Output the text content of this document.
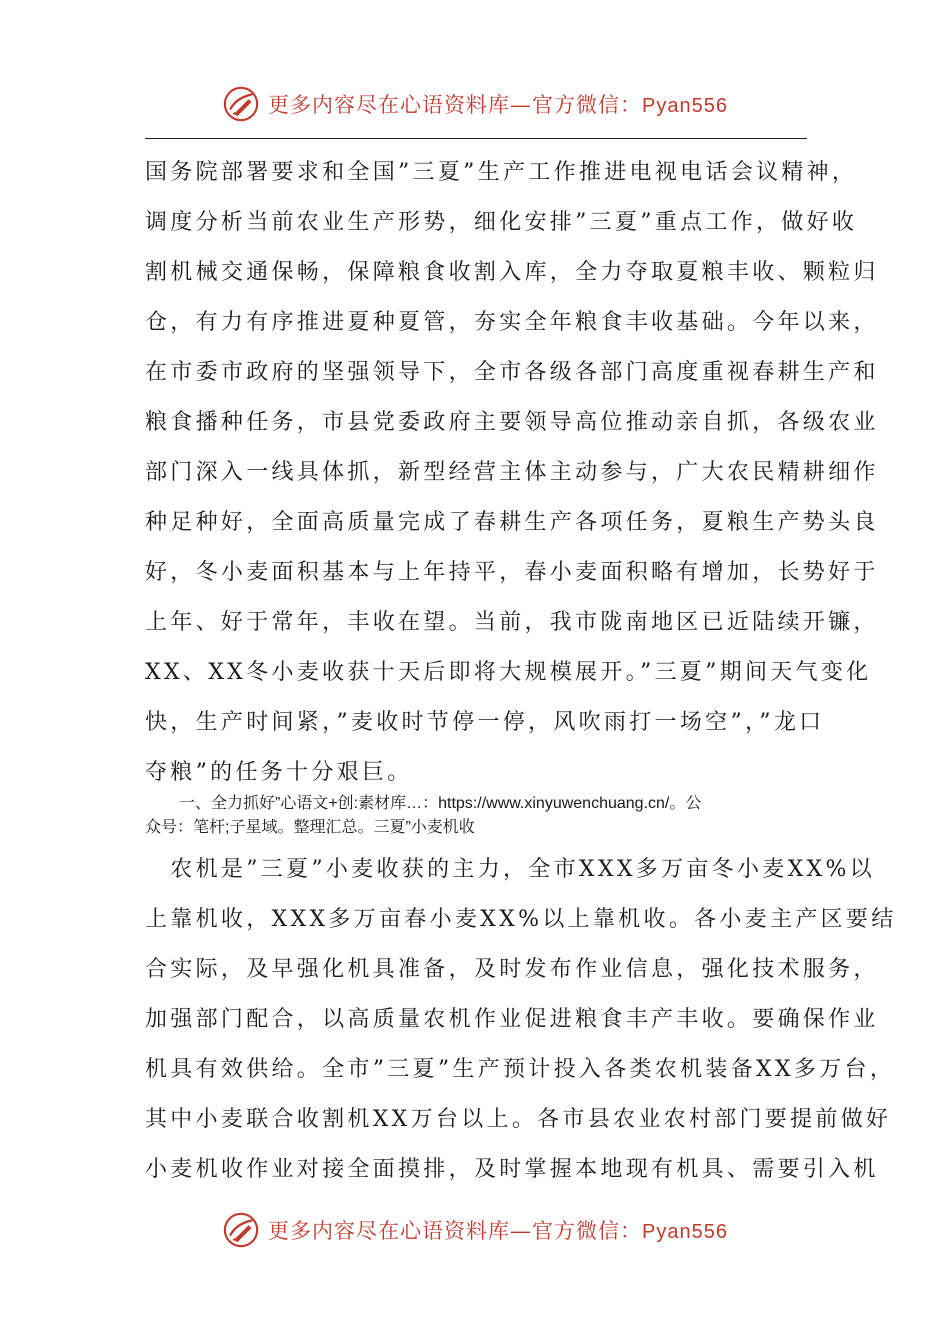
更多内容尽在心语资料库—官方微信：Pyan556
国务院部署要求和全国”三夏”生产工作推进电视电话会议精神，
调度分析当前农业生产形势，细化安排”三夏”重点工作，做好收
割机械交通保畅，保障粮食收割入库，全力夺取夏粮丰收、颗粒归
仓，有力有序推进夏种夏管，夯实全年粮食丰收基础。今年以来，
在市委市政府的坚强领导下，全市各级各部门高度重视春耕生产和
粮食播种任务，市县党委政府主要领导高位推动亲自抓，各级农业
部门深入一线具体抓，新型经营主体主动参与，广大农民精耕细作
种足种好，全面高质量完成了春耕生产各项任务，夏粮生产势头良
好，冬小麦面积基本与上年持平，春小麦面积略有增加，长势好于
上年、好于常年，丰收在望。当前，我市陇南地区已近陆续开镰，
XX、XX冬小麦收获十天后即将大规模展开。”三夏”期间天气变化
快，生产时间紧，”麦收时节停一停，风吹雨打一场空”，”龙口
夺粮”的任务十分艰巨。
一、全力抓好”心语文+创:素材库…：https://www.xinyuwenchuang.cn/。公
众号：笔杆;子星域。整理汇总。三夏”小麦机收
　农机是”三夏”小麦收获的主力，全市XXX多万亩冬小麦XX%以
上靠机收，XXX多万亩春小麦XX%以上靠机收。各小麦主产区要结
合实际，及早强化机具准备，及时发布作业信息，强化技术服务，
加强部门配合，以高质量农机作业促进粮食丰产丰收。要确保作业
机具有效供给。全市”三夏”生产预计投入各类农机装备XX多万台，
其中小麦联合收割机XX万台以上。各市县农业农村部门要提前做好
小麦机收作业对接全面摸排，及时掌握本地现有机具、需要引入机
更多内容尽在心语资料库—官方微信：Pyan556
